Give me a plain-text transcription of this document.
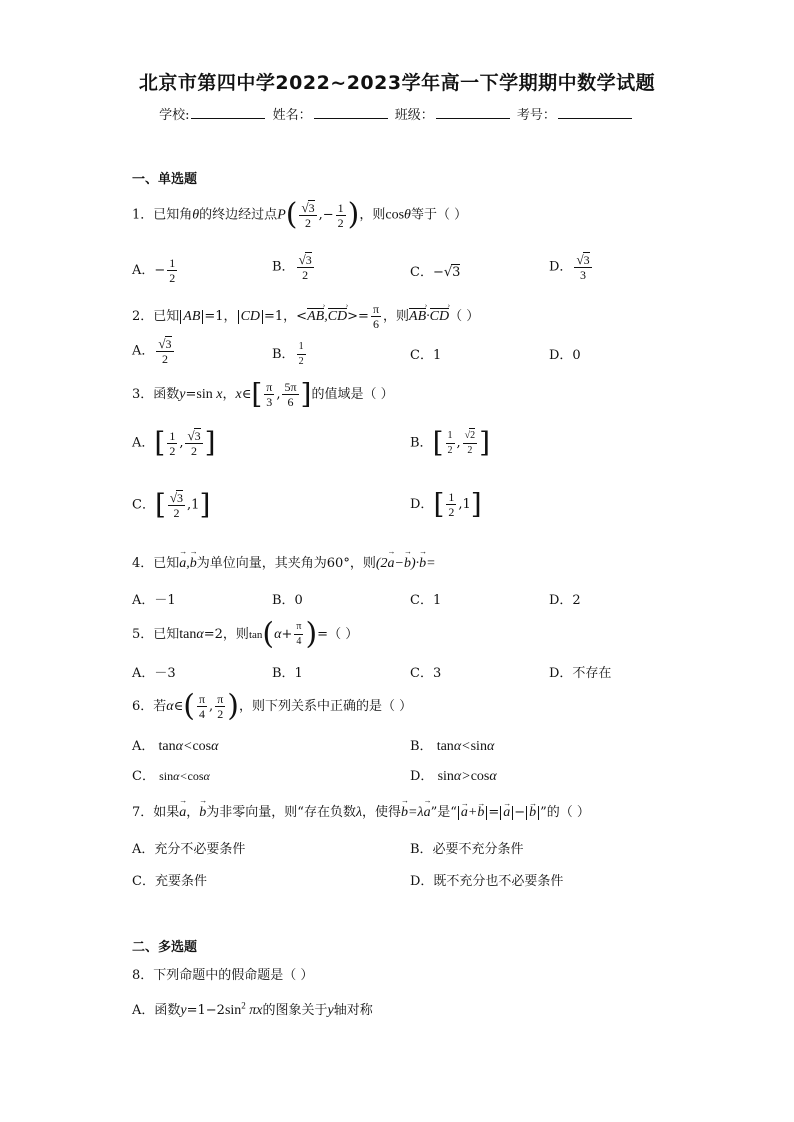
北京市第四中学2022~2023学年高一下学期期中数学试题
学校:	姓名：	班级：	考号：
一、单选题
1．已知角θ的终边经过点$P( \frac{√3}{2}$ ,− $\frac{1}{2}$ )，则cosθ等于（ ）
A．− $\frac{1}{2}$	B． $\frac{√3}{2}$	C．−√3	D． $\frac{√3}{3}$
2．已知 AB =1， CD =1，<› AB,› $CD>= \frac{\pi}{6}$ ，则› AB·› CD（ ）
A． $\frac{√3}{2}$	B． $\frac{1}{2}$	C．1	D．0
3．函数y=sin x，x∈[ $\frac{\pi}{3}$ , $\frac{5\pi}{6}$ ]的值域是（ ）
A．[ $\frac{1}{2}$ , $\frac{√3}{2}$ ]	B．[ $\frac{1}{2}$ , $\frac{√2}{2}$ ]
C．[ $\frac{√3}{2} ,1$]	D．[ $\frac{1}{2} ,1$]
4．已知→ a,→ b为单位向量，其夹角为60°，则(2→ a−→ b)·→ b=
A．－1	B．0	C．1	D．2
5．已知tanα=2，则$\tan(\alpha+ \frac{\pi}{4}$ )=（ ）
A．－3	B．1	C．3	D．不存在
6．若α∈( $\frac{\pi}{4}$ , $\frac{\pi}{2}$ )，则下列关系中正确的是（ ）
A． tanα<cosα	B． tanα<sinα
C． sinα<cosα	D． sinα>cosα
7．如果→ a，→ b为非零向量，则“存在负数λ，使得→ b=λ→ a”是“ → a+→ b = → a − → b ”的（ ）
A．充分不必要条件	B．必要不充分条件
C．充要条件	D．既不充分也不必要条件
二、多选题
8．下列命题中的假命题是（ ）
A．函数$y=1-2\sin^2$ πx的图象关于y轴对称
